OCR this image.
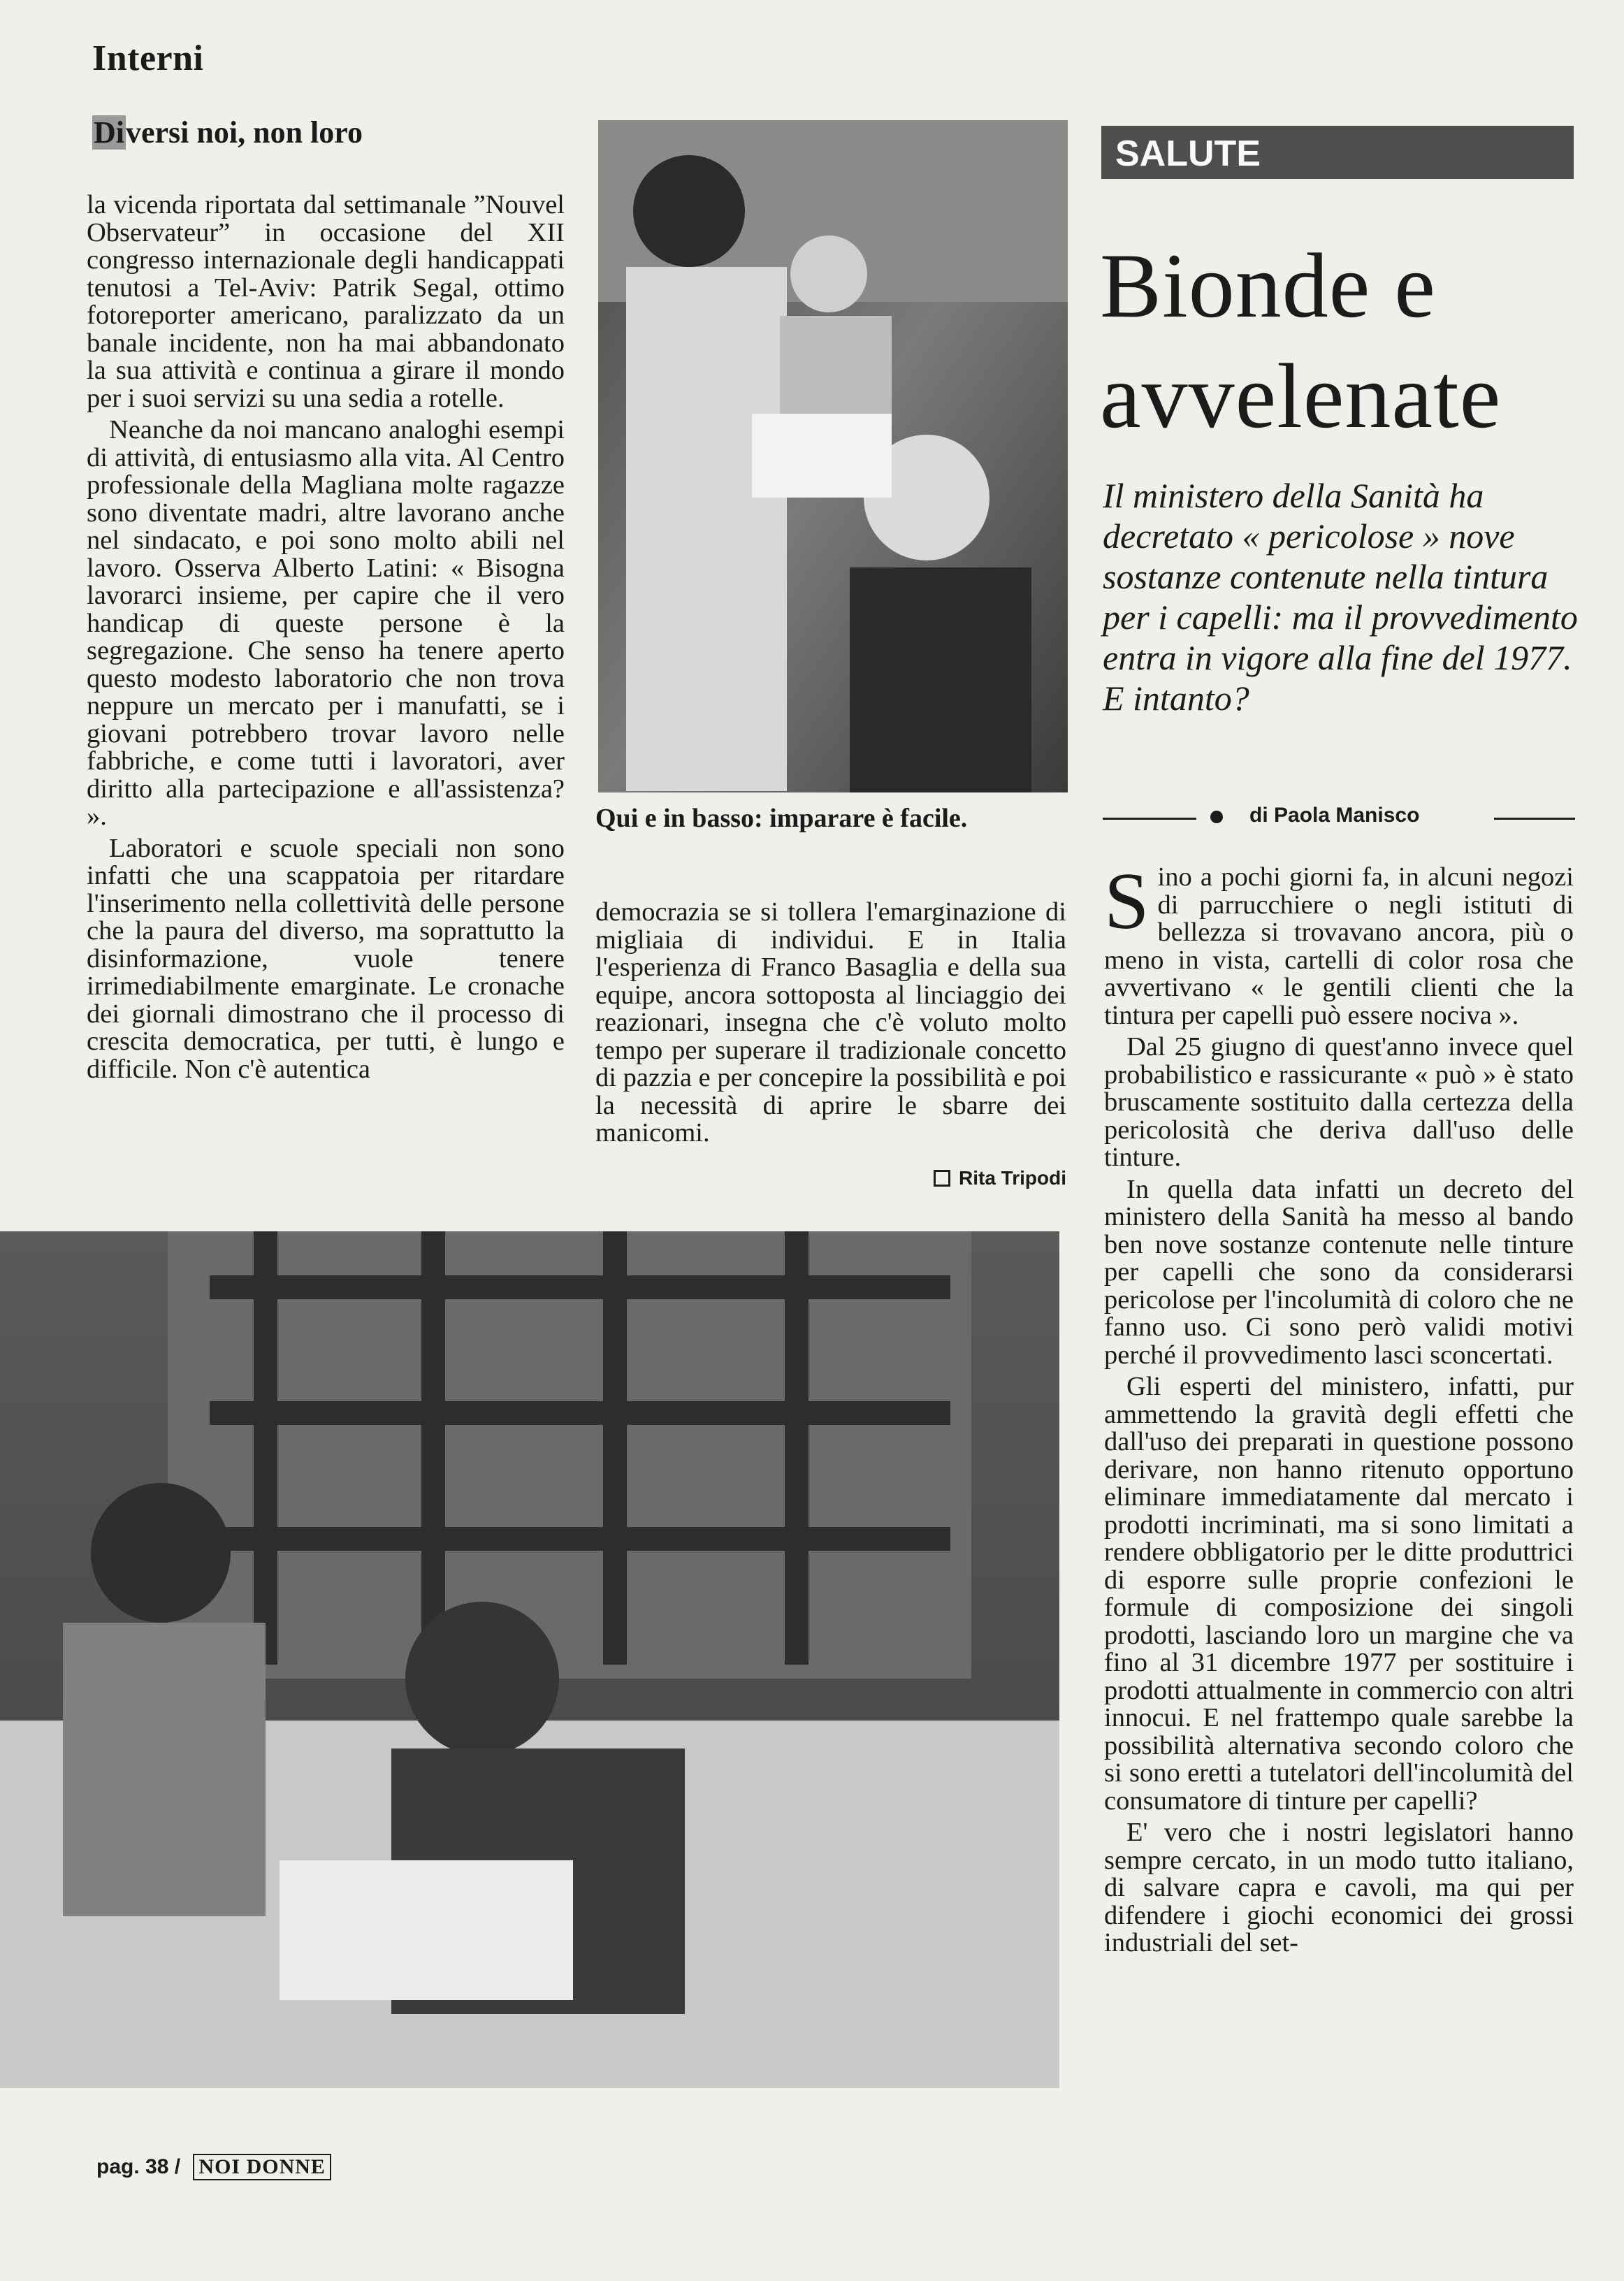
Interni
Diversi noi, non loro

la vicenda riportata dal settimanale ”Nouvel Observateur” in occasione del XII congresso internazionale degli handicappati tenutosi a Tel-Aviv: Patrik Segal, ottimo fotoreporter americano, paralizzato da un banale incidente, non ha mai abbandonato la sua attività e continua a girare il mondo per i suoi servizi su una sedia a rotelle.

Neanche da noi mancano analoghi esempi di attività, di entusiasmo alla vita. Al Centro professionale della Magliana molte ragazze sono diventate madri, altre lavorano anche nel sindacato, e poi sono molto abili nel lavoro. Osserva Alberto Latini: « Bisogna lavorarci insieme, per capire che il vero handicap di queste persone è la segregazione. Che senso ha tenere aperto questo modesto laboratorio che non trova neppure un mercato per i manufatti, se i giovani potrebbero trovar lavoro nelle fabbriche, e come tutti i lavoratori, aver diritto alla partecipazione e all'assistenza? ».

Laboratori e scuole speciali non sono infatti che una scappatoia per ritardare l'inserimento nella collettività delle persone che la paura del diverso, ma soprattutto la disinformazione, vuole tenere irrimediabilmente emarginate. Le cronache dei giornali dimostrano che il processo di crescita democratica, per tutti, è lungo e difficile. Non c'è autentica

Qui e in basso: imparare è facile.

democrazia se si tollera l'emarginazione di migliaia di individui. E in Italia l'esperienza di Franco Basaglia e della sua equipe, ancora sottoposta al linciaggio dei reazionari, insegna che c'è voluto molto tempo per superare il tradizionale concetto di pazzia e per concepire la possibilità e poi la necessità di aprire le sbarre dei manicomi.

Rita Tripodi
SALUTE
Bionde e
avvelenate
Il ministero della Sanità ha decretato « pericolose » nove sostanze contenute nella tintura per i capelli: ma il provvedimento entra in vigore alla fine del 1977. E intanto?
di Paola Manisco

Sino a pochi giorni fa, in alcuni negozi di parrucchiere o negli istituti di bellezza si trovavano ancora, più o meno in vista, cartelli di color rosa che avvertivano « le gentili clienti che la tintura per capelli può essere nociva ».

Dal 25 giugno di quest'anno invece quel probabilistico e rassicurante « può » è stato bruscamente sostituito dalla certezza della pericolosità che deriva dall'uso delle tinture.

In quella data infatti un decreto del ministero della Sanità ha messo al bando ben nove sostanze contenute nelle tinture per capelli che sono da considerarsi pericolose per l'incolumità di coloro che ne fanno uso. Ci sono però validi motivi perché il provvedimento lasci sconcertati.

Gli esperti del ministero, infatti, pur ammettendo la gravità degli effetti che dall'uso dei preparati in questione possono derivare, non hanno ritenuto opportuno eliminare immediatamente dal mercato i prodotti incriminati, ma si sono limitati a rendere obbligatorio per le ditte produttrici di esporre sulle proprie confezioni le formule di composizione dei singoli prodotti, lasciando loro un margine che va fino al 31 dicembre 1977 per sostituire i prodotti attualmente in commercio con altri innocui. E nel frattempo quale sarebbe la possibilità alternativa secondo coloro che si sono eretti a tutelatori dell'incolumità del consumatore di tinture per capelli?

E' vero che i nostri legislatori hanno sempre cercato, in un modo tutto italiano, di salvare capra e cavoli, ma qui per difendere i giochi economici dei grossi industriali del set-

pag. 38 / NOI DONNE
